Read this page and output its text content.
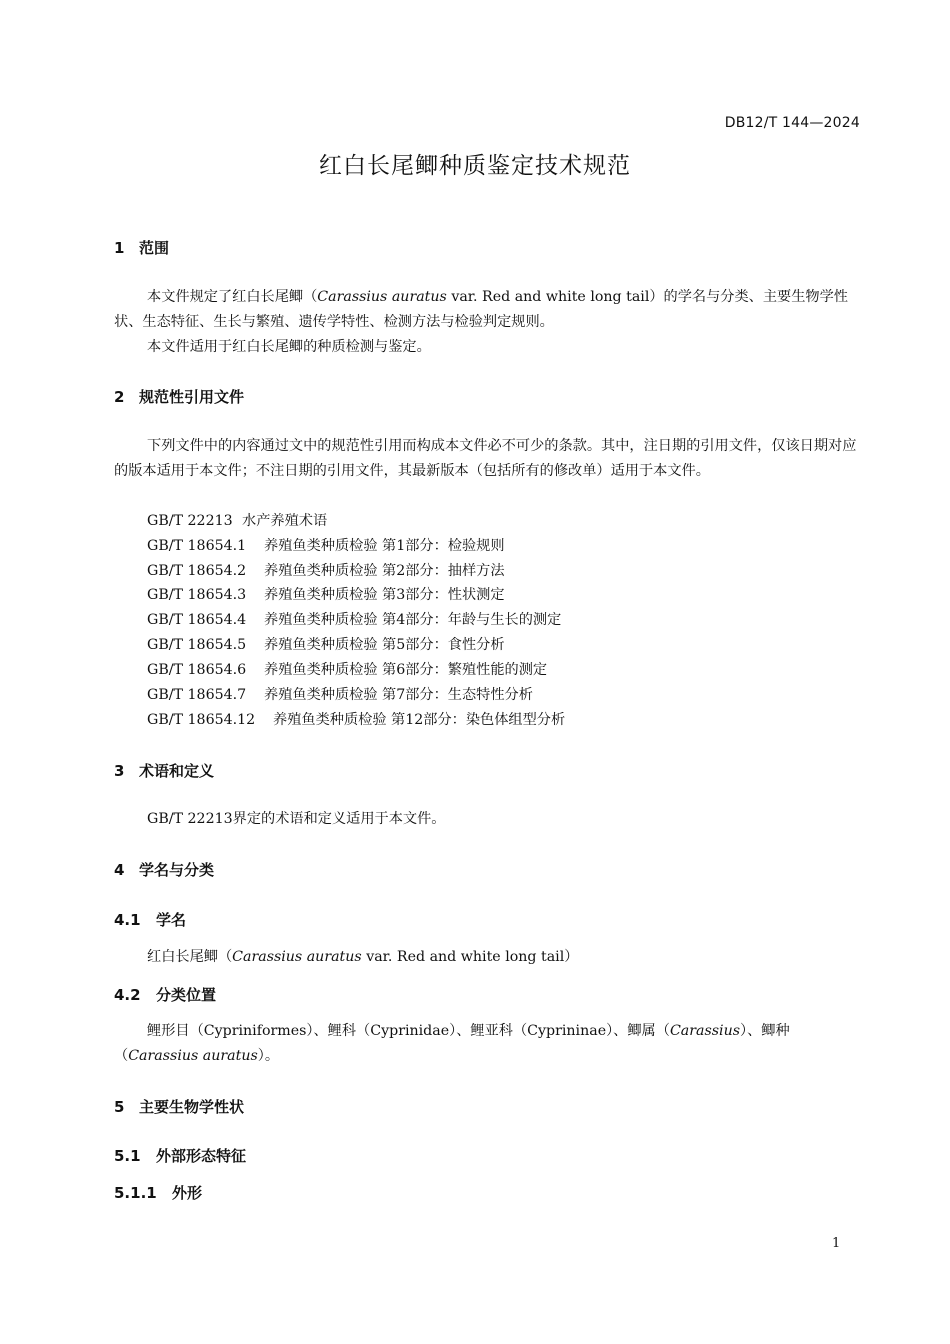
DB12/T 144—2024
红白长尾鲫种质鉴定技术规范
1 范围
本文件规定了红白长尾鲫（Carassius auratus var. Red and white long tail）的学名与分类、主要生物学性状、生态特征、生长与繁殖、遗传学特性、检测方法与检验判定规则。
本文件适用于红白长尾鲫的种质检测与鉴定。
2 规范性引用文件
下列文件中的内容通过文中的规范性引用而构成本文件必不可少的条款。其中，注日期的引用文件，仅该日期对应的版本适用于本文件；不注日期的引用文件，其最新版本（包括所有的修改单）适用于本文件。
GB/T 22213 水产养殖术语
GB/T 18654.1 养殖鱼类种质检验 第1部分：检验规则
GB/T 18654.2 养殖鱼类种质检验 第2部分：抽样方法
GB/T 18654.3 养殖鱼类种质检验 第3部分：性状测定
GB/T 18654.4 养殖鱼类种质检验 第4部分：年龄与生长的测定
GB/T 18654.5 养殖鱼类种质检验 第5部分：食性分析
GB/T 18654.6 养殖鱼类种质检验 第6部分：繁殖性能的测定
GB/T 18654.7 养殖鱼类种质检验 第7部分：生态特性分析
GB/T 18654.12 养殖鱼类种质检验 第12部分：染色体组型分析
3 术语和定义
GB/T 22213界定的术语和定义适用于本文件。
4 学名与分类
4.1 学名
红白长尾鲫（Carassius auratus var. Red and white long tail）
4.2 分类位置
鲤形目（Cypriniformes）、鲤科（Cyprinidae）、鲤亚科（Cyprininae）、鲫属（Carassius）、鲫种（Carassius auratus）。
5 主要生物学性状
5.1 外部形态特征
5.1.1 外形
1
